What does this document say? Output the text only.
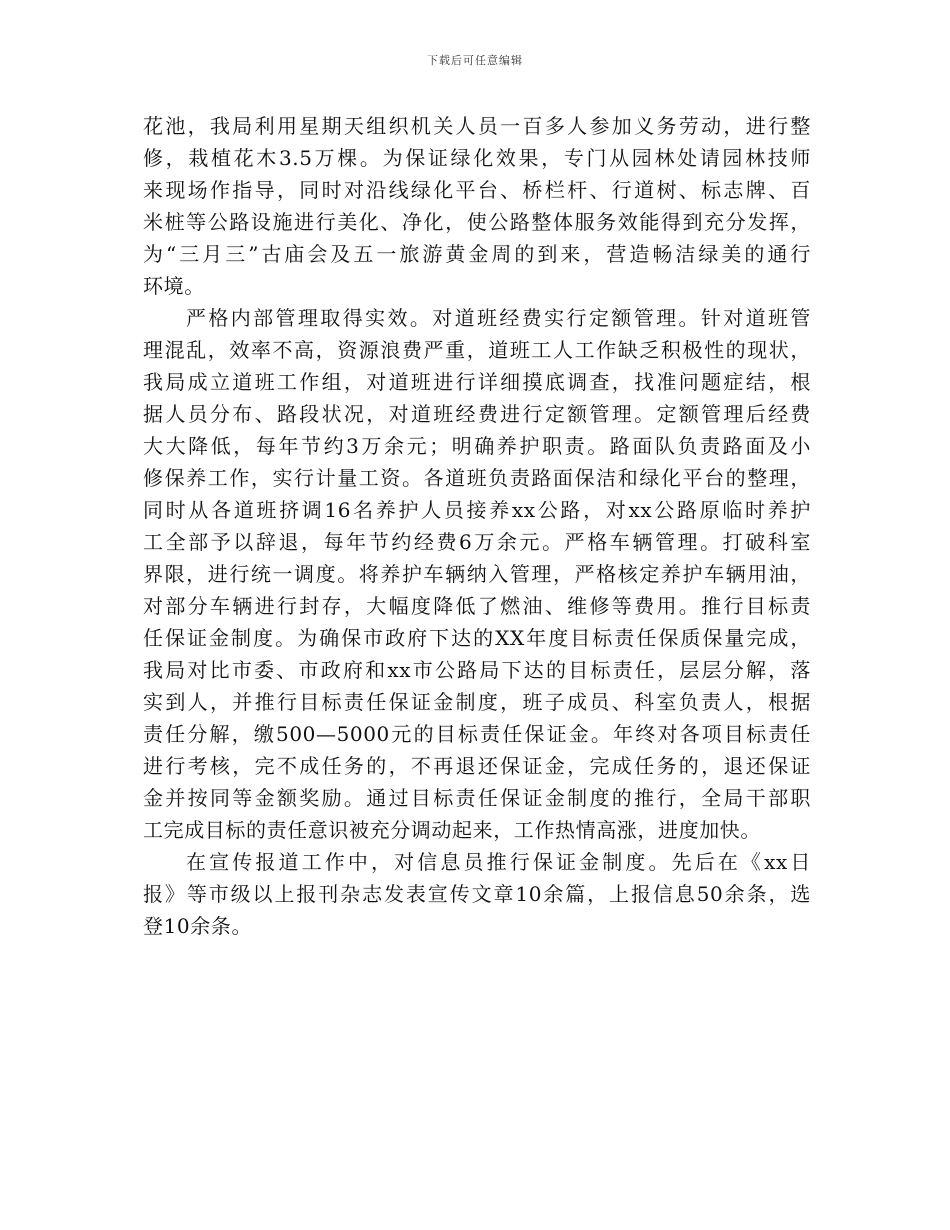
下载后可任意编辑

花池，我局利用星期天组织机关人员一百多人参加义务劳动，进行整

修，栽植花木3.5万棵。为保证绿化效果，专门从园林处请园林技师

来现场作指导，同时对沿线绿化平台、桥栏杆、行道树、标志牌、百

米桩等公路设施进行美化、净化，使公路整体服务效能得到充分发挥，

为“三月三”古庙会及五一旅游黄金周的到来，营造畅洁绿美的通行

环境。

严格内部管理取得实效。对道班经费实行定额管理。针对道班管

理混乱，效率不高，资源浪费严重，道班工人工作缺乏积极性的现状，

我局成立道班工作组，对道班进行详细摸底调查，找准问题症结，根

据人员分布、路段状况，对道班经费进行定额管理。定额管理后经费

大大降低，每年节约3万余元；明确养护职责。路面队负责路面及小

修保养工作，实行计量工资。各道班负责路面保洁和绿化平台的整理，

同时从各道班挤调16名养护人员接养xx公路，对xx公路原临时养护

工全部予以辞退，每年节约经费6万余元。严格车辆管理。打破科室

界限，进行统一调度。将养护车辆纳入管理，严格核定养护车辆用油，

对部分车辆进行封存，大幅度降低了燃油、维修等费用。推行目标责

任保证金制度。为确保市政府下达的XX年度目标责任保质保量完成，

我局对比市委、市政府和xx市公路局下达的目标责任，层层分解，落

实到人，并推行目标责任保证金制度，班子成员、科室负责人，根据

责任分解，缴500—5000元的目标责任保证金。年终对各项目标责任

进行考核，完不成任务的，不再退还保证金，完成任务的，退还保证

金并按同等金额奖励。通过目标责任保证金制度的推行，全局干部职

工完成目标的责任意识被充分调动起来，工作热情高涨，进度加快。

在宣传报道工作中，对信息员推行保证金制度。先后在《xx日

报》等市级以上报刊杂志发表宣传文章10余篇，上报信息50余条，选

登10余条。
